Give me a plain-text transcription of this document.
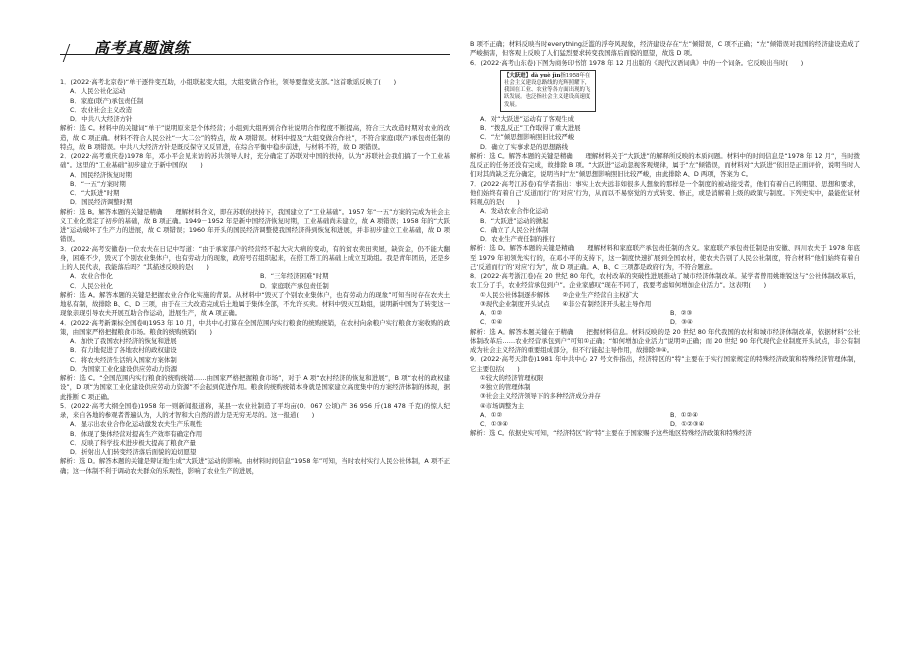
高考真题演练

1．(2022·高考北京卷)“单干逐件变互助，小组联起变大组，大组变做合作社，领导要靠党支部。”这首歌谣反映了(　　)

A．人民公社化运动

B．家庭(联产)承包责任制

C．农业社会主义改造

D．中共八大经济方针

解析：选 C。材料中的关键词“单干”说明原来是个体经营；小组到大组再到合作社说明合作程度不断提高，符合三大改造时期对农业的改造，故 C 项正确。材料不符合人民公社“一大二公”的特点，故 A 项错误。材料中提及“大组变做合作社”，不符合家庭(联产)承包责任制的特点，故 B 项错误。中共八大经济方针是既反保守又反冒进，在综合平衡中稳步前进，与材料不符，故 D 项错误。

2．(2022·高考重庆卷)1978 年，邓小平会见来访的苏共领导人时，充分确定了苏联对中国的扶持，认为“苏联社会我们搞了一个工业基础”。这里的“工业基础”初步建立于新中国的(　　)

A．国民经济恢复时期

B．“一五”方案时期

C．“大跃进”时期

D．国民经济调整时期

解析：选 B。解答本题的关键是精确　　理解材料含义，即在苏联的扶持下，我国建立了“工业基础”。1957 年“一五”方案的完成为社会主义工业化奠定了初步的基础，故 B 项正确。1949－1952 年是新中国经济恢复时期，工业基础尚未建立，故 A 项错误；1958 年的“大跃进”运动破坏了生产力的进展，故 C 项错误；1960 年开头的国民经济调整使我国经济得到恢复和进展，并非初步建立工业基础，故 D 项错误。

3．(2022·高考安徽卷)一位农夫在日记中写道：“由于承家部户的经营经不起大灾大病的变动，有的贫农卖田卖屋，缺资金，仍不能大翻身，困难不少，毁灭了个别农业集体户，也有劳动力的现象，政府号召组织起来，在搭工帮工的基础上成立互助组。我是青年团员，还是乡上的人民代表，我能落后吗？”其描述反映的是(　　)

A．农业合作化	B．“三年经济困难”时期
C．人民公社化	D．家庭联产承包责任制

解析：选 A。解答本题的关键是把握农业合作化实施的背景。从材料中“毁灭了个别农业集体户，也有劳动力的现象”可知当时存在农夫土地私有制，故排除 B、C、D 三项，由于在三大改造完成后土地属于集体全部，不允许买卖。材料中毁灭互助组，说明新中国为了转变这一现象亲现引导农夫开展互助合作运动，进展生产，故 A 项正确。

4．(2022·高考新课标全国卷Ⅱ)1953 年 10 月，中共中心打算在全国范围内实行粮食的统购统销，在农村向余粮户实行粮食方案收购的政策，由国家严格把握粮食市场。粮食的统购统销(　　)

A．加快了我国农村经济的恢复和进展

B．有力地促进了各地农村的政权建设

C．将农夫经济生活纳入国家方案体制

D．为国家工业化建设供应劳动力资源

解析：选 C。“全国范围内实行粮食的统购统销……由国家严格把握粮食市场”，对于 A 项“农村经济的恢复和进展”，B 项“农村的政权建设”，D 项“为国家工业化建设供应劳动力资源”不会起到促进作用。粮食的统购统销本身就是国家建立高度集中的方案经济体制的体现，据此推断 C 项正确。

5．(2022·高考大纲全国卷)1958 年一则新闻报道称，某县一农业社制造了平均亩(0．067 公顷)产 36 956 斤(18 478 千克)的惊人纪录，来自各地的参观者普遍认为，人的才智和大自然的潜力是无穷无尽的。这一报道(　　)

A．显示出农业合作化运动激发农夫生产乐观性

B．体现了集体经营对提高生产效率有确定作用

C．反映了科学技术进步极大提高了粮食产量

D．折射出人们转变经济落后面貌的迫切愿望

解析：选 D。解答本题的关键是辩证地生成“大跃进”运动的影响。由材料时间信息“1958 年”可知，当时农村实行人民公社体制，A 项不正确；这一体制不利于调动农夫群众的乐观性，影响了农业生产的进展，

B 项不正确；材料反映当时everything泛滥的浮夸风现象，经济建设存在“左”倾错误，C 项不正确；“左”倾错误对我国的经济建设造成了严峻损害，但客观上反映了人们猛烈要求转变我国落后面貌的愿望，故选 D 项。

6．(2022·高考山东卷)下图为商务印书馆 1978 年 12 月出版的《现代汉语词典》中的一个词条。它反映出当时(　　)

【大跃进】dà yuè jìn指1958年在社会主义建设总路线的光辉照耀下，我国在工业、农业等各方面出现的飞跃发展。也泛指社会主义建设高速度发展。

A．对“大跃进”运动有了客观生成

B．“拨乱反正”工作取得了重大进展

C．“左”倾思想影响照旧比较严峻

D．确立了实事求是的思想路线

解析：选 C。解答本题的关键是精确　　理解材料关于“大跃进”的解释所反映的本质问题。材料中的时间信息是“1978 年 12 月”，当时拨乱反正的任务还没有完成，故排除 B 项。“大跃进”运动忽视客观规律，属于“左”倾错误，而材料对“大跃进”依旧是正面评价，说明当时人们对其尚缺乏充分确定，说明当时“左”倾思想影响照旧比较严峻，由此排除 A、D 两项，答案为 C。

7．(2022·高考江苏卷)有学者指出：事实上农夫远非如很多人想象的那样是一个制度的被动接受者，他们有着自己的期望、思想和要求，他们始终有着自己‘反道而行’的‘对应’行为，从而以不易察觉的方式转变、修正，或是消解着上级的政策与制度。下列史实中，最能佐证材料观点的是(　　)

A．发动农业合作化运动

B．“大跃进”运动的掀起

C．确立了人民公社体制

D．农业生产责任制的推行

解析：选 D。解答本题的关键是精确　　理解材料和家庭联产承包责任制的含义。家庭联产承包责任制是由安徽、四川农夫于 1978 年底至 1979 年初领先实行的，在邓小平的支持下，这一制度快速扩展到全国农村，使农夫告别了人民公社制度，符合材料“他们始终有着自己‘反道而行’的‘对应’行为”，故 D 项正确。A、B、C 三项都是政府行为，不符合题意。

8．(2022·高考浙江卷)在 20 世纪 80 年代，农村改革的突破性进展推动了城市经济体制改革。某学者曾用姚维锐这与“公社体制改革后，农工分了手，农业经营承包到户”。企业家感叹“现在不同了，我要考虑如何增加企业活力”。这表明(　　)

①人民公社体制逐步解体　　②企业生产经营自主权扩大

③现代企业制度开头试点　　④非公有制经济开头起主导作用

A．①②	B．②③
C．①④	D．③④

解析：选 A。解答本题关键在于精确　　把握材料信息。材料反映的是 20 世纪 80 年代我国的农村和城市经济体制改革，依据材料“公社体制改革后……农业经营承包到户”可知①正确；“如何增加企业活力”说明②正确；而 20 世纪 90 年代现代企业制度开头试点，非公有制成为社会主义经济的重要组成部分，但不行能起主导作用，故排除③④。

9．(2022·高考天津卷)1981 年中共中心 27 号文件指出，经济特区的“特”主要在于实行国家规定的特殊经济政策和特殊经济管理体制，它主要包括(　　)

①较大的经济管理权限

②独立的管理体制

③社会主义经济领导下的多种经济成分并存

④市场调整为主

A．①②	B．①②④
C．①③④	D．①②③④

解析：选 C。依据史实可知，“经济特区”的“特”主要在于国家赐予这些地区特殊经济政策和特殊经济
